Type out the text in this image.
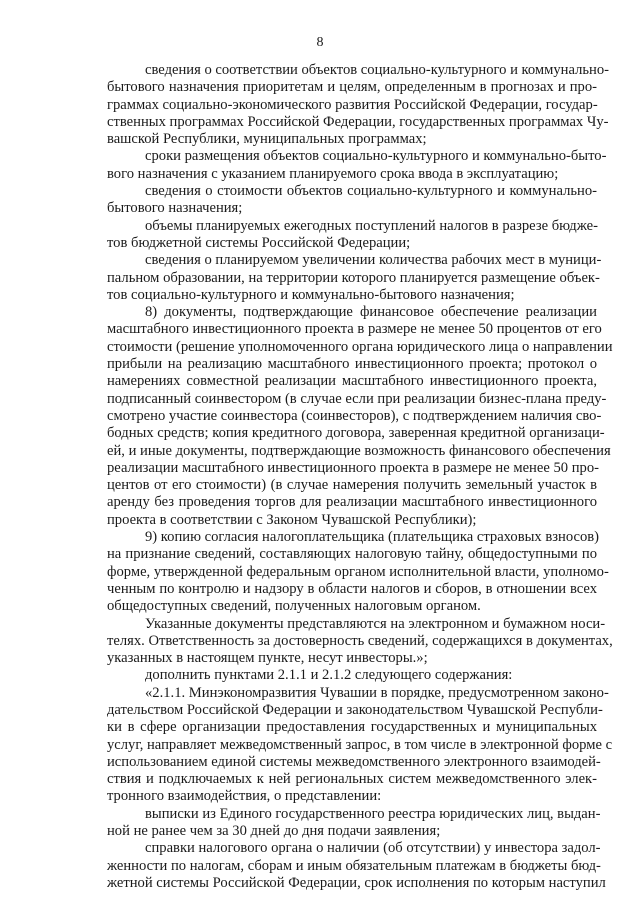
8
сведения о соответствии объектов социально-культурного и коммунально-
бытового назначения приоритетам и целям, определенным в прогнозах и про-
граммах социально-экономического развития Российской Федерации, государ-
ственных программах Российской Федерации, государственных программах Чу-
вашской Республики, муниципальных программах;
сроки размещения объектов социально-культурного и коммунально-быто-
вого назначения с указанием планируемого срока ввода в эксплуатацию;
сведения о стоимости объектов социально-культурного и коммунально-
бытового назначения;
объемы планируемых ежегодных поступлений налогов в разрезе бюдже-
тов бюджетной системы Российской Федерации;
сведения о планируемом увеличении количества рабочих мест в муници-
пальном образовании, на территории которого планируется размещение объек-
тов социально-культурного и коммунально-бытового назначения;
8) документы, подтверждающие финансовое обеспечение реализации
масштабного инвестиционного проекта в размере не менее 50 процентов от его
стоимости (решение уполномоченного органа юридического лица о направлении
прибыли на реализацию масштабного инвестиционного проекта; протокол о
намерениях совместной реализации масштабного инвестиционного проекта,
подписанный соинвестором (в случае если при реализации бизнес-плана преду-
смотрено участие соинвестора (соинвесторов), с подтверждением наличия сво-
бодных средств; копия кредитного договора, заверенная кредитной организаци-
ей, и иные документы, подтверждающие возможность финансового обеспечения
реализации масштабного инвестиционного проекта в размере не менее 50 про-
центов от его стоимости) (в случае намерения получить земельный участок в
аренду без проведения торгов для реализации масштабного инвестиционного
проекта в соответствии с Законом Чувашской Республики);
9) копию согласия налогоплательщика (плательщика страховых взносов)
на признание сведений, составляющих налоговую тайну, общедоступными по
форме, утвержденной федеральным органом исполнительной власти, уполномо-
ченным по контролю и надзору в области налогов и сборов, в отношении всех
общедоступных сведений, полученных налоговым органом.
Указанные документы представляются на электронном и бумажном носи-
телях. Ответственность за достоверность сведений, содержащихся в документах,
указанных в настоящем пункте, несут инвесторы.»;
дополнить пунктами 2.1.1 и 2.1.2 следующего содержания:
«2.1.1. Минэкономразвития Чувашии в порядке, предусмотренном законо-
дательством Российской Федерации и законодательством Чувашской Республи-
ки в сфере организации предоставления государственных и муниципальных
услуг, направляет межведомственный запрос, в том числе в электронной форме с
использованием единой системы межведомственного электронного взаимодей-
ствия и подключаемых к ней региональных систем межведомственного элек-
тронного взаимодействия, о представлении:
выписки из Единого государственного реестра юридических лиц, выдан-
ной не ранее чем за 30 дней до дня подачи заявления;
справки налогового органа о наличии (об отсутствии) у инвестора задол-
женности по налогам, сборам и иным обязательным платежам в бюджеты бюд-
жетной системы Российской Федерации, срок исполнения по которым наступил
